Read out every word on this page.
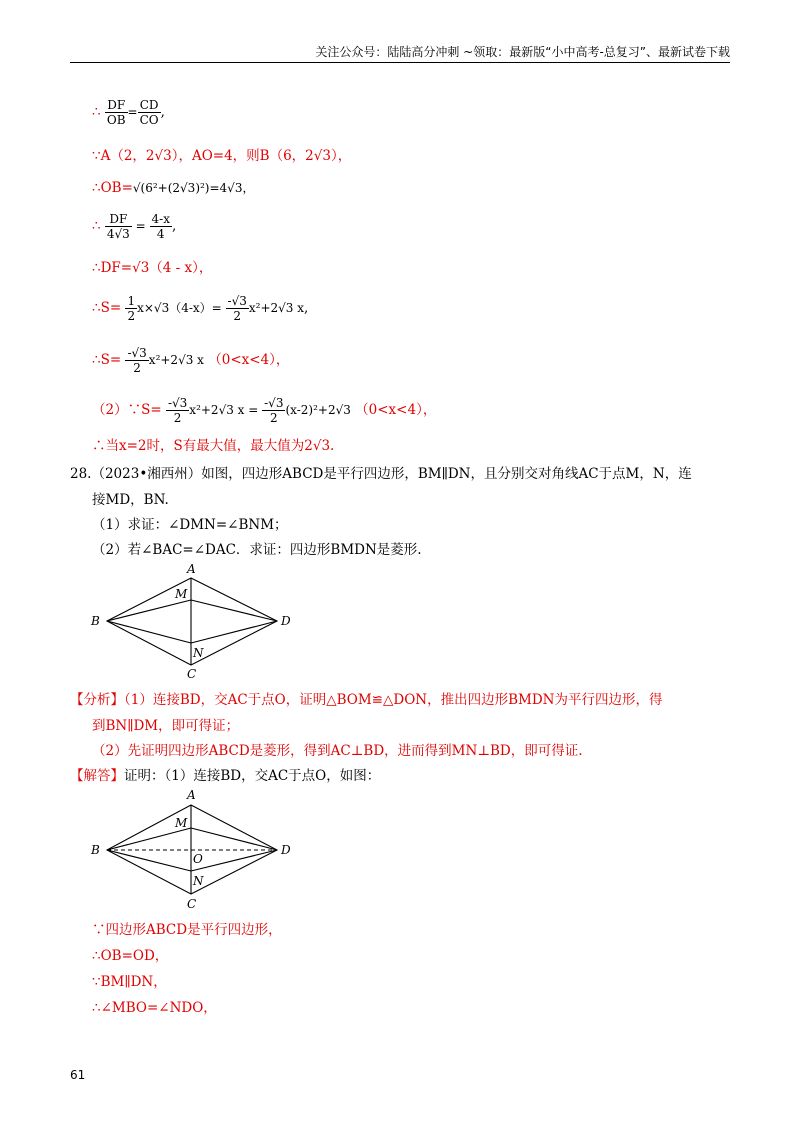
关注公众号：陆陆高分冲刺 ~领取：最新版“小中高考-总复习”、最新试卷下载
∴ $\frac{DF}{OB} = \frac{CD}{CO}$ ,
∵A（2，2√3），AO=4，则B（6，2√3），
∴OB=√(6²+(2√3)²)=4√3，
∴ $\frac{DF}{4√3} = \frac{4-x}{4}$ ,
∴DF=√3（4 - x），
∴S= $\frac{1}{2} x\times√3(4-x)= \frac{-√3}{2} x^2+2√3$ x,
∴S= $\frac{-√3}{2} x^2+2√3$ x （0<x<4），
（2）∵S= $\frac{-√3}{2} x^2+2√3$ $x = \frac{-√3}{2} (x-2)^2+2√3$ （0<x<4），
∴当x=2时，S有最大值，最大值为2√3.
28.（2023•湘西州）如图，四边形ABCD是平行四边形，BM∥DN，且分别交对角线AC于点M，N，连
接MD，BN.
（1）求证：∠DMN=∠BNM；
（2）若∠BAC=∠DAC．求证：四边形BMDN是菱形.
A
B
C
D
M
N
【分析】（1）连接BD，交AC于点O，证明△BOM≌△DON，推出四边形BMDN为平行四边形，得
到BN∥DM，即可得证；
（2）先证明四边形ABCD是菱形，得到AC⊥BD，进而得到MN⊥BD，即可得证.
【解答】证明：（1）连接BD，交AC于点O，如图：
A
B
C
D
M
O
N
∵四边形ABCD是平行四边形，
∴OB=OD，
∵BM∥DN，
∴∠MBO=∠NDO，
61
